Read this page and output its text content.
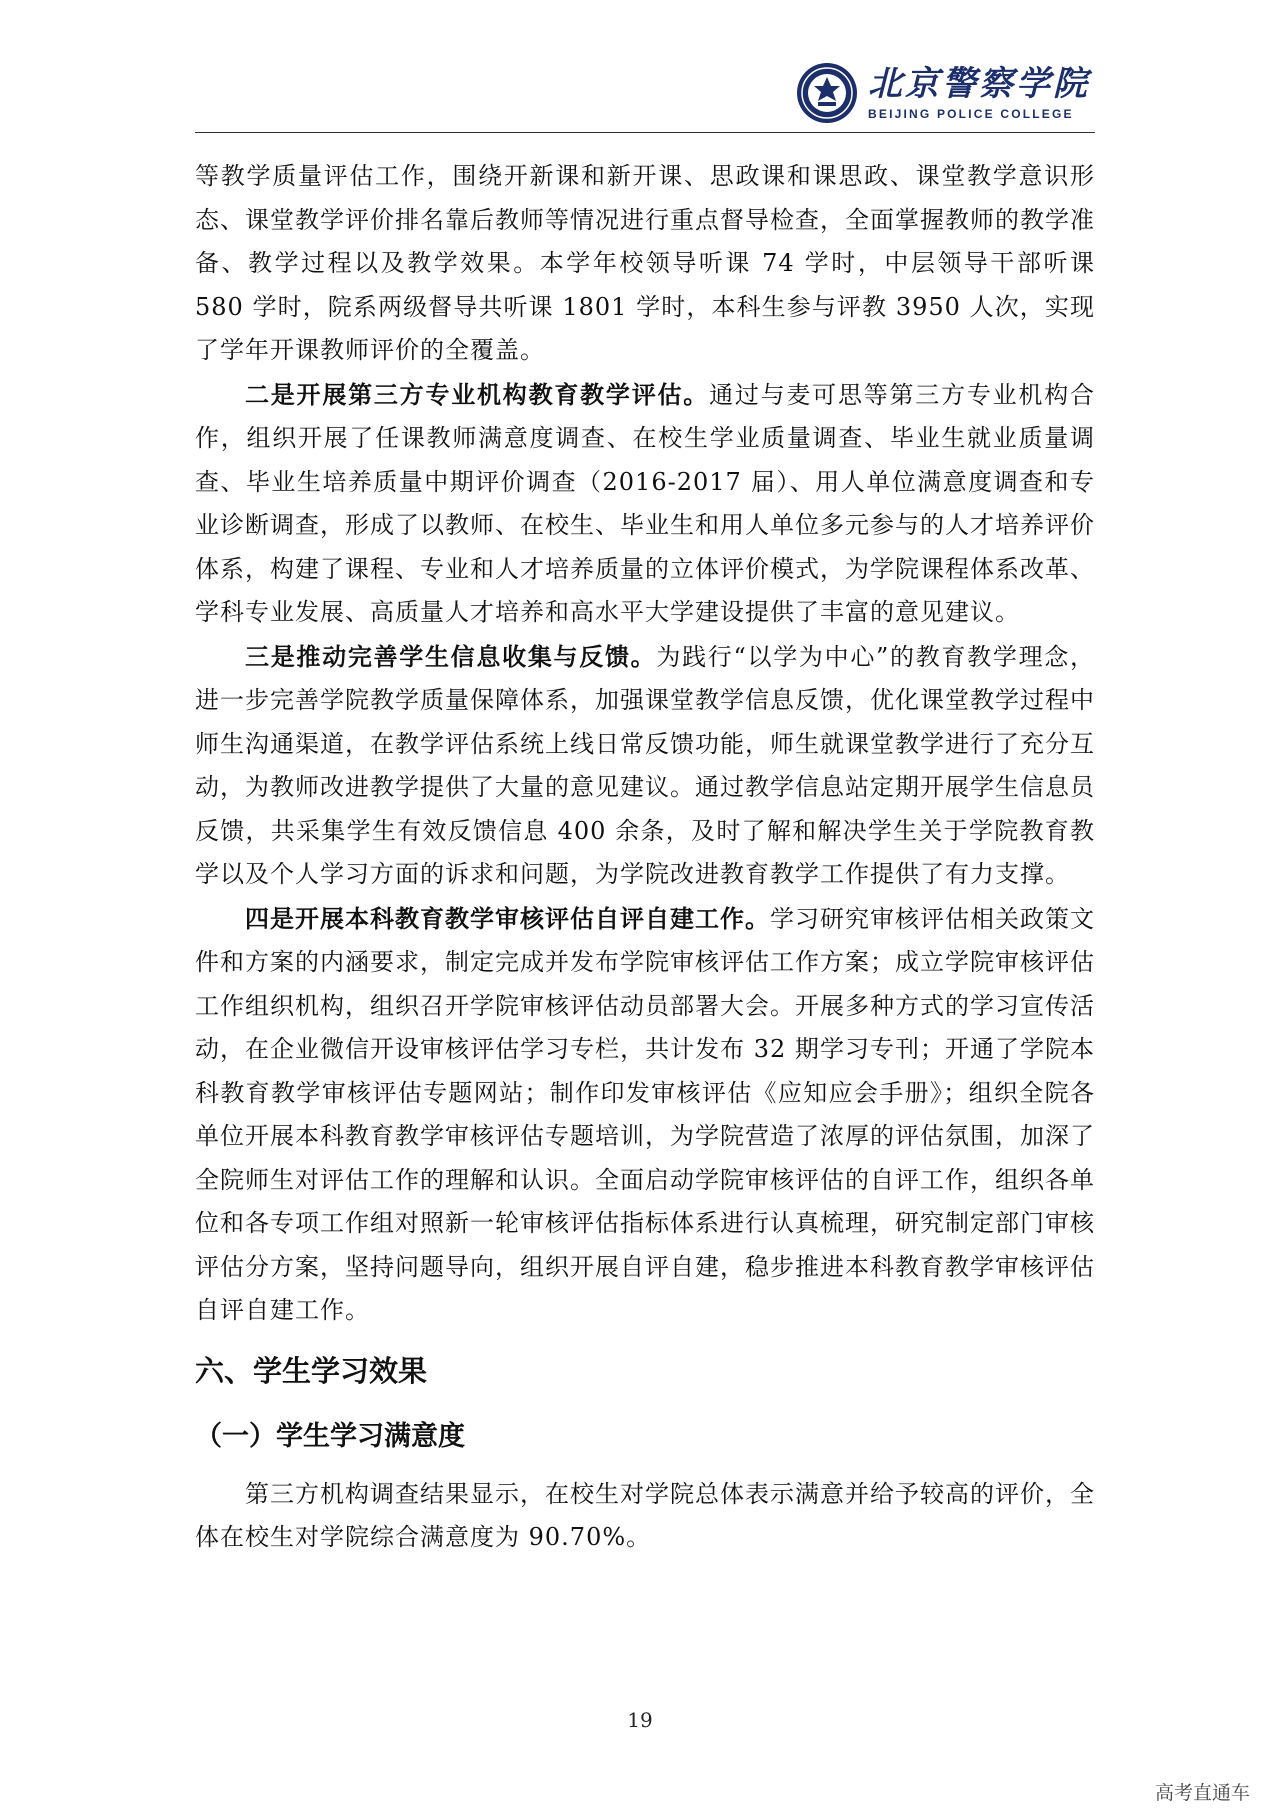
北京警察学院
BEIJING POLICE COLLEGE

等教学质量评估工作，围绕开新课和新开课、思政课和课思政、课堂教学意识形态、课堂教学评价排名靠后教师等情况进行重点督导检查，全面掌握教师的教学准备、教学过程以及教学效果。本学年校领导听课 74 学时，中层领导干部听课 580 学时，院系两级督导共听课 1801 学时，本科生参与评教 3950 人次，实现了学年开课教师评价的全覆盖。

二是开展第三方专业机构教育教学评估。通过与麦可思等第三方专业机构合作，组织开展了任课教师满意度调查、在校生学业质量调查、毕业生就业质量调查、毕业生培养质量中期评价调查（2016-2017 届）、用人单位满意度调查和专业诊断调查，形成了以教师、在校生、毕业生和用人单位多元参与的人才培养评价体系，构建了课程、专业和人才培养质量的立体评价模式，为学院课程体系改革、学科专业发展、高质量人才培养和高水平大学建设提供了丰富的意见建议。

三是推动完善学生信息收集与反馈。为践行“以学为中心”的教育教学理念，进一步完善学院教学质量保障体系，加强课堂教学信息反馈，优化课堂教学过程中师生沟通渠道，在教学评估系统上线日常反馈功能，师生就课堂教学进行了充分互动，为教师改进教学提供了大量的意见建议。通过教学信息站定期开展学生信息员反馈，共采集学生有效反馈信息 400 余条，及时了解和解决学生关于学院教育教学以及个人学习方面的诉求和问题，为学院改进教育教学工作提供了有力支撑。

四是开展本科教育教学审核评估自评自建工作。学习研究审核评估相关政策文件和方案的内涵要求，制定完成并发布学院审核评估工作方案；成立学院审核评估工作组织机构，组织召开学院审核评估动员部署大会。开展多种方式的学习宣传活动，在企业微信开设审核评估学习专栏，共计发布 32 期学习专刊；开通了学院本科教育教学审核评估专题网站；制作印发审核评估《应知应会手册》；组织全院各单位开展本科教育教学审核评估专题培训，为学院营造了浓厚的评估氛围，加深了全院师生对评估工作的理解和认识。全面启动学院审核评估的自评工作，组织各单位和各专项工作组对照新一轮审核评估指标体系进行认真梳理，研究制定部门审核评估分方案，坚持问题导向，组织开展自评自建，稳步推进本科教育教学审核评估自评自建工作。

六、学生学习效果
（一）学生学习满意度

第三方机构调查结果显示，在校生对学院总体表示满意并给予较高的评价，全体在校生对学院综合满意度为 90.70%。

19
高考直通车
